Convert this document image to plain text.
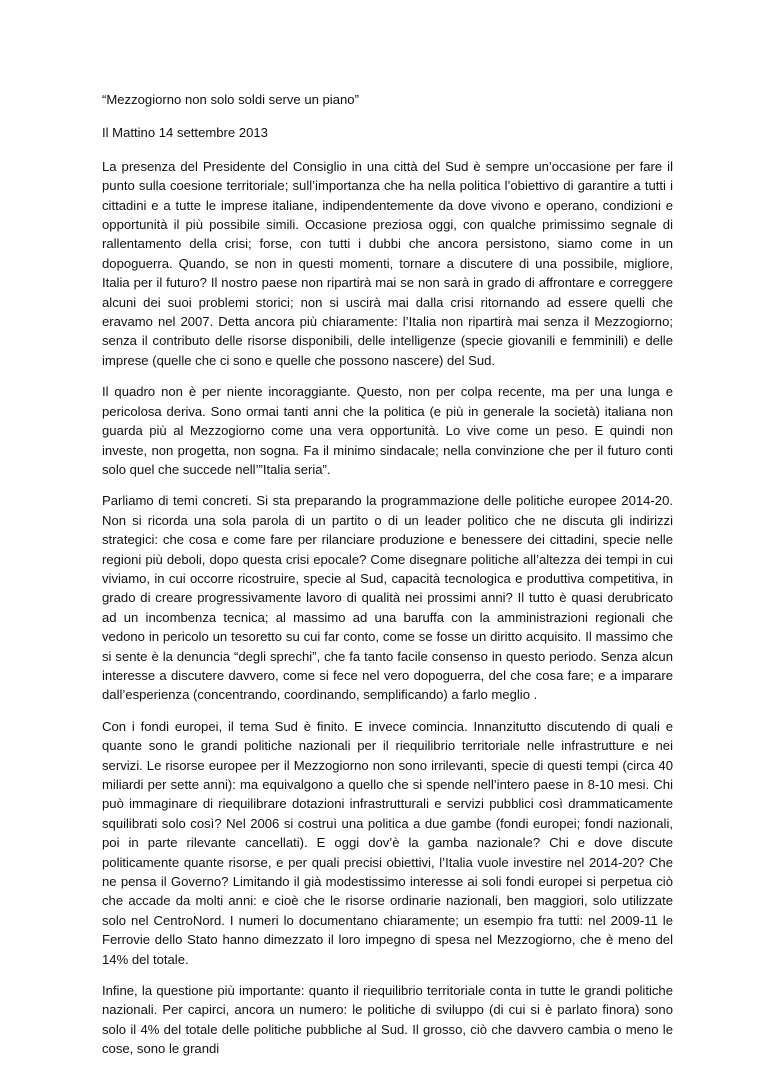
“Mezzogiorno non solo soldi serve un piano”

Il Mattino 14 settembre 2013

La presenza del Presidente del Consiglio in una città del Sud è sempre un’occasione per fare il punto sulla coesione territoriale; sull’importanza che ha nella politica l’obiettivo di garantire a tutti i cittadini e a tutte le imprese italiane, indipendentemente da dove vivono e operano, condizioni e opportunità il più possibile simili. Occasione preziosa oggi, con qualche primissimo segnale di rallentamento della crisi; forse, con tutti i dubbi che ancora persistono, siamo come in un dopoguerra. Quando, se non in questi momenti, tornare a discutere di una possibile, migliore, Italia per il futuro? Il nostro paese non ripartirà mai se non sarà in grado di affrontare e correggere alcuni dei suoi problemi storici; non si uscirà mai dalla crisi ritornando ad essere quelli che eravamo nel 2007. Detta ancora più chiaramente: l’Italia non ripartirà mai senza il Mezzogiorno; senza il contributo delle risorse disponibili, delle intelligenze (specie giovanili e femminili) e delle imprese (quelle che ci sono e quelle che possono nascere) del Sud.

Il quadro non è per niente incoraggiante. Questo, non per colpa recente, ma per una lunga e pericolosa deriva. Sono ormai tanti anni che la politica (e più in generale la società) italiana non guarda più al Mezzogiorno come una vera opportunità. Lo vive come un peso. E quindi non investe, non progetta, non sogna. Fa il minimo sindacale; nella convinzione che per il futuro conti solo quel che succede nell’”Italia seria”.

Parliamo di temi concreti. Si sta preparando la programmazione delle politiche europee 2014-20. Non si ricorda una sola parola di un partito o di un leader politico che ne discuta gli indirizzi strategici: che cosa e come fare per rilanciare produzione e benessere dei cittadini, specie nelle regioni più deboli, dopo questa crisi epocale? Come disegnare politiche all’altezza dei tempi in cui viviamo, in cui occorre ricostruire, specie al Sud, capacità tecnologica e produttiva competitiva, in grado di creare progressivamente lavoro di qualità nei prossimi anni? Il tutto è quasi derubricato ad un incombenza tecnica; al massimo ad una baruffa con la amministrazioni regionali che vedono in pericolo un tesoretto su cui far conto, come se fosse un diritto acquisito. Il massimo che si sente è la denuncia “degli sprechi”, che fa tanto facile consenso in questo periodo. Senza alcun interesse a discutere davvero, come si fece nel vero dopoguerra, del che cosa fare; e a imparare dall’esperienza (concentrando, coordinando, semplificando) a farlo meglio .

Con i fondi europei, il tema Sud è finito. E invece comincia. Innanzitutto discutendo di quali e quante sono le grandi politiche nazionali per il riequilibrio territoriale nelle infrastrutture e nei servizi. Le risorse europee per il Mezzogiorno non sono irrilevanti, specie di questi tempi (circa 40 miliardi per sette anni): ma equivalgono a quello che si spende nell’intero paese in 8-10 mesi. Chi può immaginare di riequilibrare dotazioni infrastrutturali e servizi pubblici così drammaticamente squilibrati solo così? Nel 2006 si costruì una politica a due gambe (fondi europei; fondi nazionali, poi in parte rilevante cancellati). E oggi dov’è la gamba nazionale? Chi e dove discute politicamente quante risorse, e per quali precisi obiettivi, l’Italia vuole investire nel 2014-20? Che ne pensa il Governo? Limitando il già modestissimo interesse ai soli fondi europei si perpetua ciò che accade da molti anni: e cioè che le risorse ordinarie nazionali, ben maggiori, solo utilizzate solo nel CentroNord. I numeri lo documentano chiaramente; un esempio fra tutti: nel 2009-11 le Ferrovie dello Stato hanno dimezzato il loro impegno di spesa nel Mezzogiorno, che è meno del 14% del totale.

Infine, la questione più importante: quanto il riequilibrio territoriale conta in tutte le grandi politiche nazionali. Per capirci, ancora un numero: le politiche di sviluppo (di cui si è parlato finora) sono solo il 4% del totale delle politiche pubbliche al Sud. Il grosso, ciò che davvero cambia o meno le cose, sono le grandi
